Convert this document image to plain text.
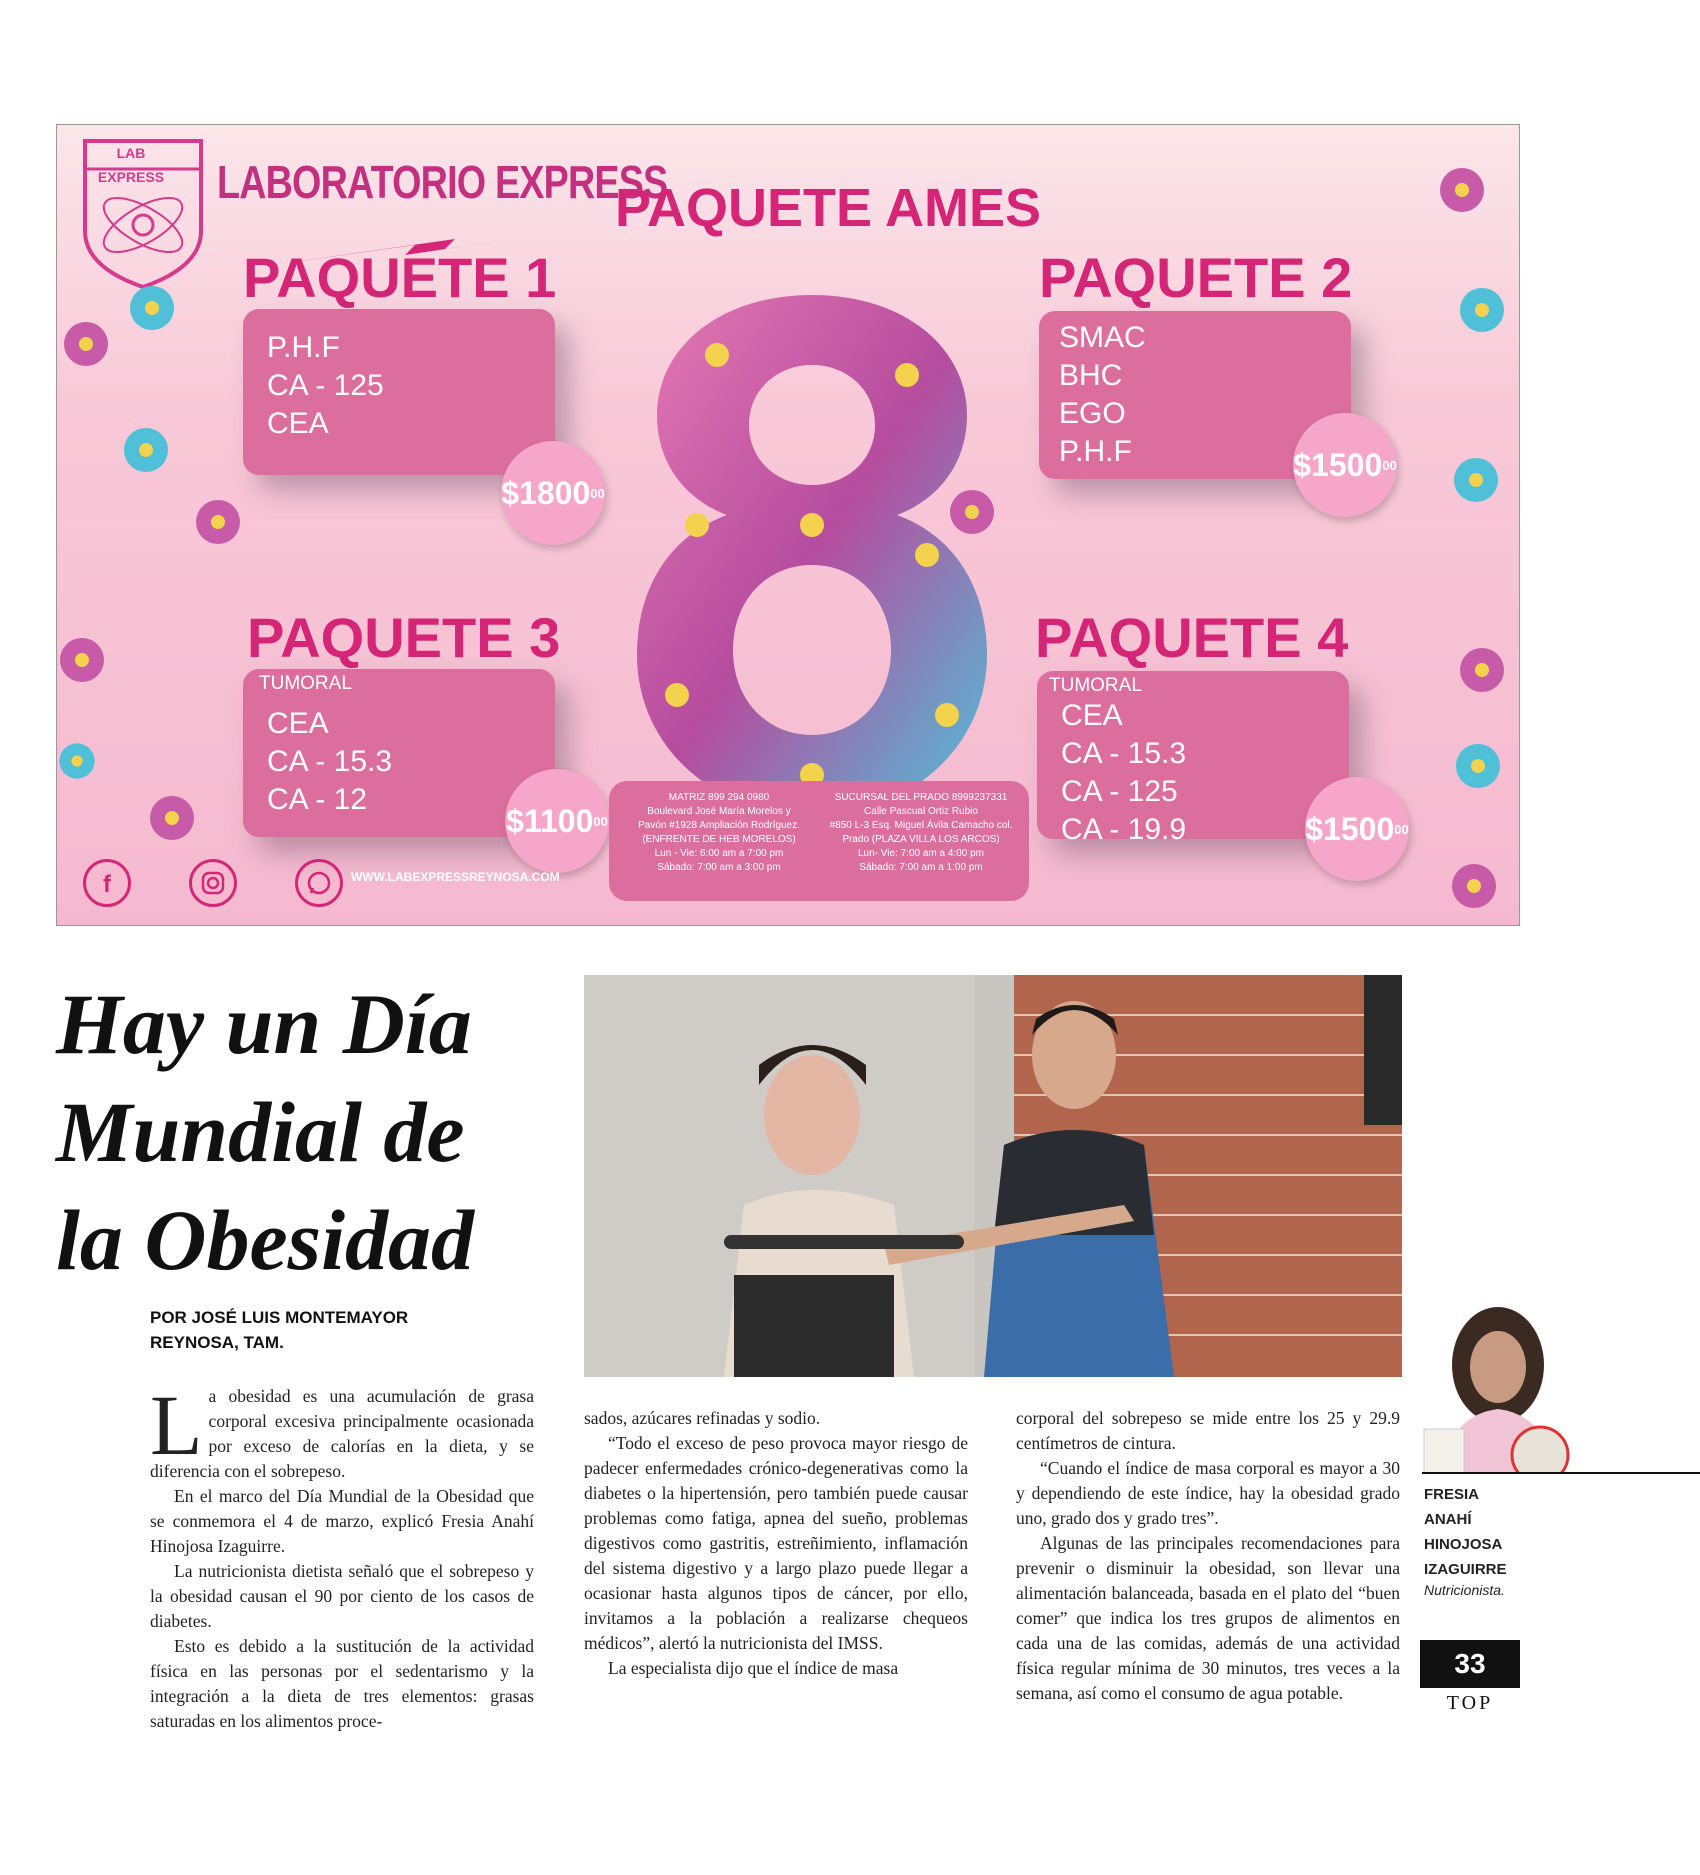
LAB EXPRESS LABORATORIO EXPRESS
PAQUETE AMES
PAQUETE 1
P.H.F
CA - 125
CEA
$1800 00
PAQUETE 2
SMAC
BHC
EGO
P.H.F	$1500 00
PAQUETE 3
TUMORAL
CEA
CA - 15.3
CA - 12
$1100 00
PAQUETE 4
TUMORAL
CEA
CA - 15.3
CA - 125
CA - 19.9	$1500 00
MATRIZ 899 294 0980
Boulevard José María Morelos y
Pavón #1928 Ampliación Rodríguez.
(ENFRENTE DE HEB MORELOS)
Lun - Vie: 6:00 am a 7:00 pm
Sábado: 7:00 am a 3:00 pm
SUCURSAL DEL PRADO 8999237331
Calle Pascual Ortiz Rubio
#850 L-3 Esq. Miguel Ávila Camacho col.
Prado (PLAZA VILLA LOS ARCOS)
Lun- Vie: 7:00 am a 4:00 pm
Sábado: 7:00 am a 1:00 pm
f	WWW.LABEXPRESSREYNOSA.COM
Hay un Día Mundial de la Obesidad
POR JOSÉ LUIS MONTEMAYOR
REYNOSA, TAM.

La obesidad es una acumulación de grasa corporal excesiva principalmente ocasionada por exceso de calorías en la dieta, y se diferencia con el sobrepeso.

En el marco del Día Mundial de la Obesidad que se conmemora el 4 de marzo, explicó Fresia Anahí Hinojosa Izaguirre.

La nutricionista dietista señaló que el sobrepeso y la obesidad causan el 90 por ciento de los casos de diabetes.

Esto es debido a la sustitución de la actividad física en las personas por el sedentarismo y la integración a la dieta de tres elementos: grasas saturadas en los alimentos proce-

sados, azúcares refinadas y sodio.

“Todo el exceso de peso provoca mayor riesgo de padecer enfermedades crónico-degenerativas como la diabetes o la hipertensión, pero también puede causar problemas como fatiga, apnea del sueño, problemas digestivos como gastritis, estreñimiento, inflamación del sistema digestivo y a largo plazo puede llegar a ocasionar hasta algunos tipos de cáncer, por ello, invitamos a la población a realizarse chequeos médicos”, alertó la nutricionista del IMSS.

La especialista dijo que el índice de masa

corporal del sobrepeso se mide entre los 25 y 29.9 centímetros de cintura.

“Cuando el índice de masa corporal es mayor a 30 y dependiendo de este índice, hay la obesidad grado uno, grado dos y grado tres”.

Algunas de las principales recomendaciones para prevenir o disminuir la obesidad, son llevar una alimentación balanceada, basada en el plato del “buen comer” que indica los tres grupos de alimentos en cada una de las comidas, además de una actividad física regular mínima de 30 minutos, tres veces a la semana, así como el consumo de agua potable.

FRESIA
ANAHÍ
HINOJOSA
IZAGUIRRE
Nutricionista.
33
TOP
